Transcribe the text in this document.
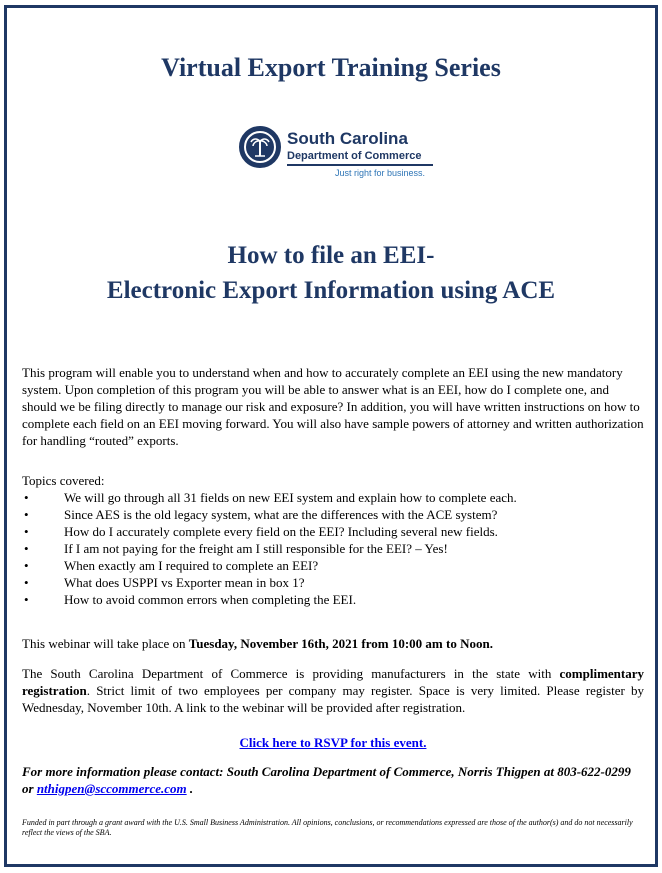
Virtual Export Training Series
South Carolina
Department of Commerce
Just right for business.
How to file an EEI-
Electronic Export Information using ACE
This program will enable you to understand when and how to accurately complete an EEI using the new mandatory system. Upon completion of this program you will be able to answer what is an EEI, how do I complete one, and should we be filing directly to manage our risk and exposure? In addition, you will have written instructions on how to complete each field on an EEI moving forward. You will also have sample powers of attorney and written authorization for handling “routed” exports.
Topics covered:
• We will go through all 31 fields on new EEI system and explain how to complete each.
• Since AES is the old legacy system, what are the differences with the ACE system?
• How do I accurately complete every field on the EEI? Including several new fields.
• If I am not paying for the freight am I still responsible for the EEI? – Yes!
• When exactly am I required to complete an EEI?
• What does USPPI vs Exporter mean in box 1?
• How to avoid common errors when completing the EEI.
This webinar will take place on Tuesday, November 16th, 2021 from 10:00 am to Noon.
The South Carolina Department of Commerce is providing manufacturers in the state with complimentary registration. Strict limit of two employees per company may register. Space is very limited. Please register by Wednesday, November 10th. A link to the webinar will be provided after registration.
Click here to RSVP for this event.
For more information please contact: South Carolina Department of Commerce, Norris Thigpen at 803-622-0299 or nthigpen@sccommerce.com .
Funded in part through a grant award with the U.S. Small Business Administration. All opinions, conclusions, or recommendations expressed are those of the author(s) and do not necessarily reflect the views of the SBA.
